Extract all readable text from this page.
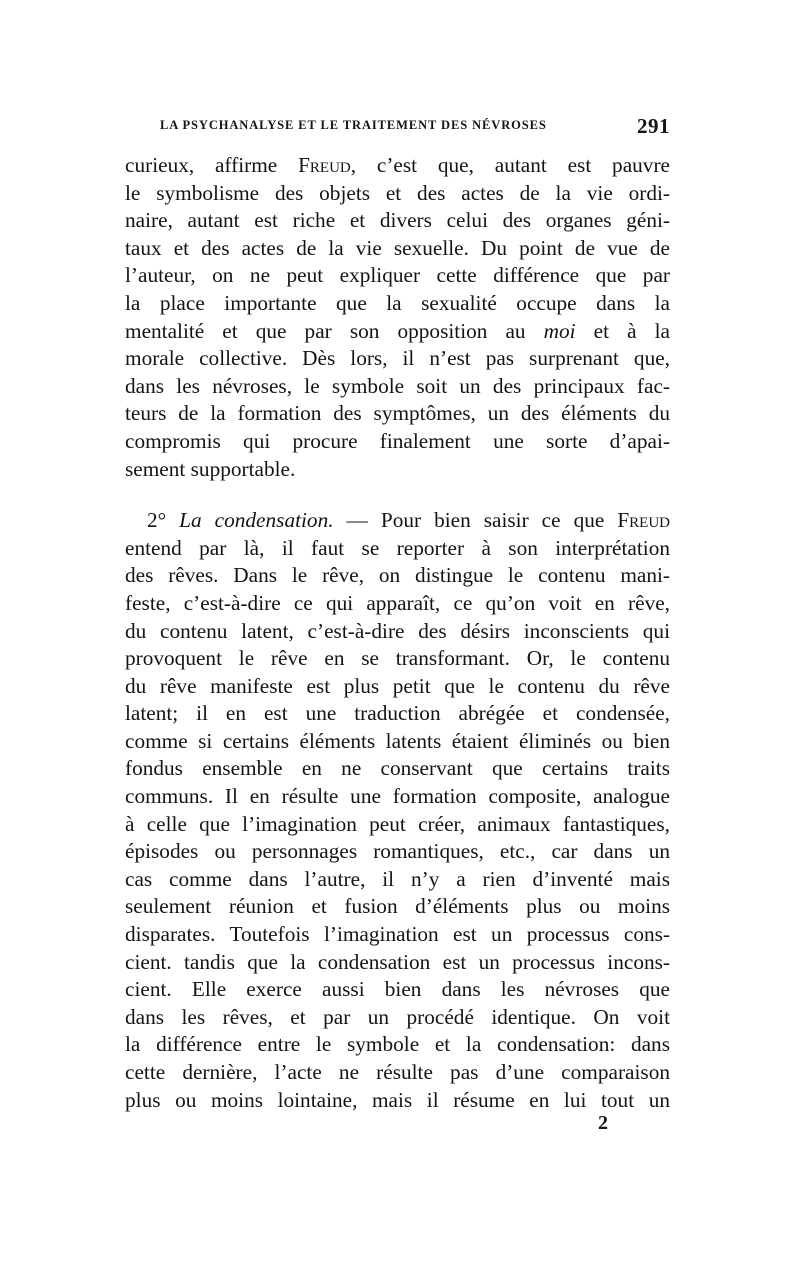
LA PSYCHANALYSE ET LE TRAITEMENT DES NÉVROSES	291
curieux, affirme Freud, c’est que, autant est pauvre
le symbolisme des objets et des actes de la vie ordi-
naire, autant est riche et divers celui des organes géni-
taux et des actes de la vie sexuelle. Du point de vue de
l’auteur, on ne peut expliquer cette différence que par
la place importante que la sexualité occupe dans la
mentalité et que par son opposition au moi et à la
morale collective. Dès lors, il n’est pas surprenant que,
dans les névroses, le symbole soit un des principaux fac-
teurs de la formation des symptômes, un des éléments du
compromis qui procure finalement une sorte d’apai-
sement supportable.
2° La condensation. — Pour bien saisir ce que Freud
entend par là, il faut se reporter à son interprétation
des rêves. Dans le rêve, on distingue le contenu mani-
feste, c’est-à-dire ce qui apparaît, ce qu’on voit en rêve,
du contenu latent, c’est-à-dire des désirs inconscients qui
provoquent le rêve en se transformant. Or, le contenu
du rêve manifeste est plus petit que le contenu du rêve
latent; il en est une traduction abrégée et condensée,
comme si certains éléments latents étaient éliminés ou bien
fondus ensemble en ne conservant que certains traits
communs. Il en résulte une formation composite, analogue
à celle que l’imagination peut créer, animaux fantastiques,
épisodes ou personnages romantiques, etc., car dans un
cas comme dans l’autre, il n’y a rien d’inventé mais
seulement réunion et fusion d’éléments plus ou moins
disparates. Toutefois l’imagination est un processus cons-
cient. tandis que la condensation est un processus incons-
cient. Elle exerce aussi bien dans les névroses que
dans les rêves, et par un procédé identique. On voit
la différence entre le symbole et la condensation: dans
cette dernière, l’acte ne résulte pas d’une comparaison
plus ou moins lointaine, mais il résume en lui tout un
2
